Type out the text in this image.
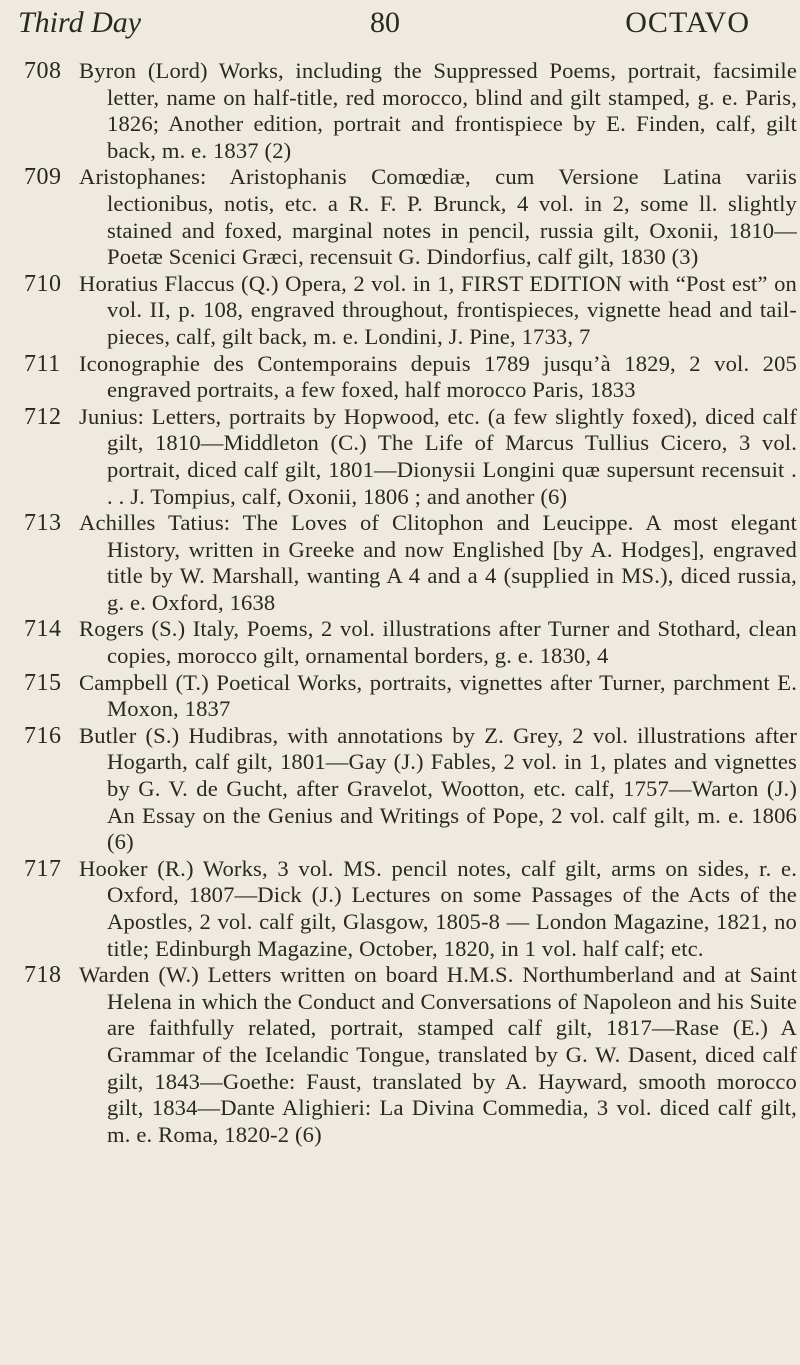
Third Day	80	OCTAVO
708 Byron (Lord) Works, including the Suppressed Poems, portrait, facsimile letter, name on half-title, red morocco, blind and gilt stamped, g. e. Paris, 1826; Another edition, portrait and frontispiece by E. Finden, calf, gilt back, m. e. 1837 (2)
709 Aristophanes: Aristophanis Comœdiæ, cum Versione Latina variis lectionibus, notis, etc. a R. F. P. Brunck, 4 vol. in 2, some ll. slightly stained and foxed, marginal notes in pencil, russia gilt, Oxonii, 1810—Poetæ Scenici Græci, recensuit G. Dindorfius, calf gilt, 1830 (3)
710 Horatius Flaccus (Q.) Opera, 2 vol. in 1, FIRST EDITION with “Post est” on vol. II, p. 108, engraved throughout, frontispieces, vignette head and tail-pieces, calf, gilt back, m. e. Londini, J. Pine, 1733, 7
711 Iconographie des Contemporains depuis 1789 jusqu’à 1829, 2 vol. 205 engraved portraits, a few foxed, half morocco Paris, 1833
712 Junius: Letters, portraits by Hopwood, etc. (a few slightly foxed), diced calf gilt, 1810—Middleton (C.) The Life of Marcus Tullius Cicero, 3 vol. portrait, diced calf gilt, 1801—Dionysii Longini quæ supersunt recensuit . . . J. Tompius, calf, Oxonii, 1806 ; and another (6)
713 Achilles Tatius: The Loves of Clitophon and Leucippe. A most elegant History, written in Greeke and now Englished [by A. Hodges], engraved title by W. Marshall, wanting A 4 and a 4 (supplied in MS.), diced russia, g. e. Oxford, 1638
714 Rogers (S.) Italy, Poems, 2 vol. illustrations after Turner and Stothard, clean copies, morocco gilt, ornamental borders, g. e. 1830, 4
715 Campbell (T.) Poetical Works, portraits, vignettes after Turner, parchment E. Moxon, 1837
716 Butler (S.) Hudibras, with annotations by Z. Grey, 2 vol. illustrations after Hogarth, calf gilt, 1801—Gay (J.) Fables, 2 vol. in 1, plates and vignettes by G. V. de Gucht, after Gravelot, Wootton, etc. calf, 1757—Warton (J.) An Essay on the Genius and Writings of Pope, 2 vol. calf gilt, m. e. 1806 (6)
717 Hooker (R.) Works, 3 vol. MS. pencil notes, calf gilt, arms on sides, r. e. Oxford, 1807—Dick (J.) Lectures on some Passages of the Acts of the Apostles, 2 vol. calf gilt, Glasgow, 1805-8 — London Magazine, 1821, no title; Edinburgh Magazine, October, 1820, in 1 vol. half calf; etc.
718 Warden (W.) Letters written on board H.M.S. Northumberland and at Saint Helena in which the Conduct and Conversations of Napoleon and his Suite are faithfully related, portrait, stamped calf gilt, 1817—Rase (E.) A Grammar of the Icelandic Tongue, translated by G. W. Dasent, diced calf gilt, 1843—Goethe: Faust, translated by A. Hayward, smooth morocco gilt, 1834—Dante Alighieri: La Divina Commedia, 3 vol. diced calf gilt, m. e. Roma, 1820-2 (6)
